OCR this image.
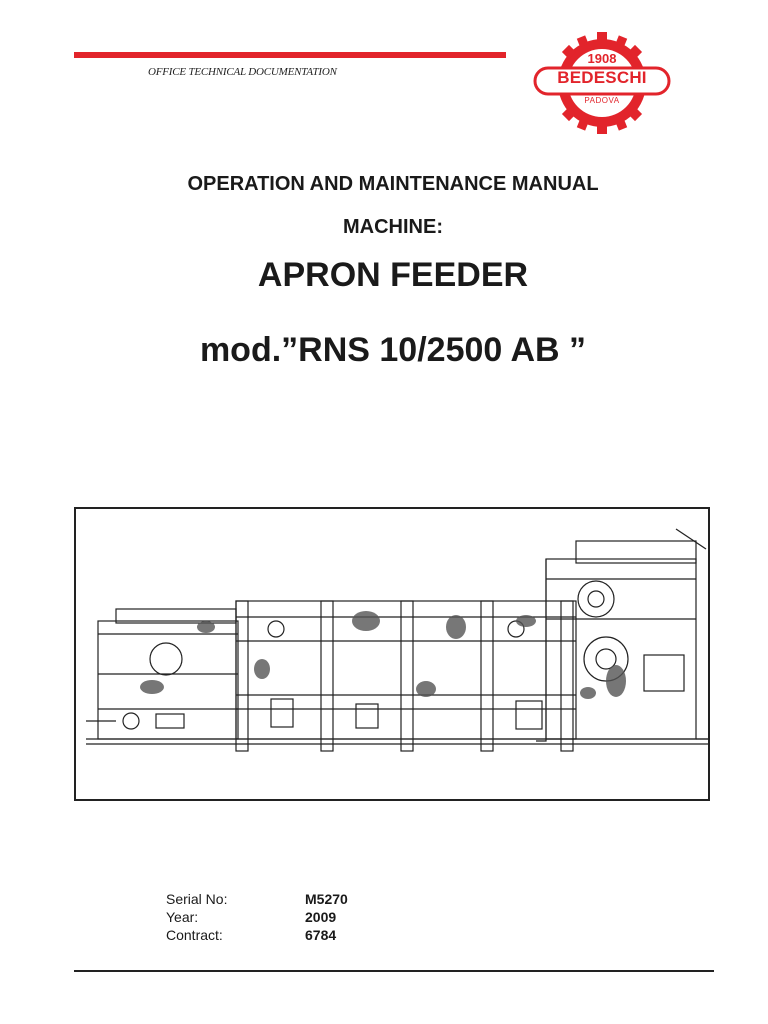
OFFICE TECHNICAL DOCUMENTATION
1908
BEDESCHI
PADOVA
OPERATION AND MAINTENANCE MANUAL
MACHINE:
APRON FEEDER
mod.”RNS 10/2500 AB ”
Serial No:	M5270
Year:	2009
Contract:	6784
